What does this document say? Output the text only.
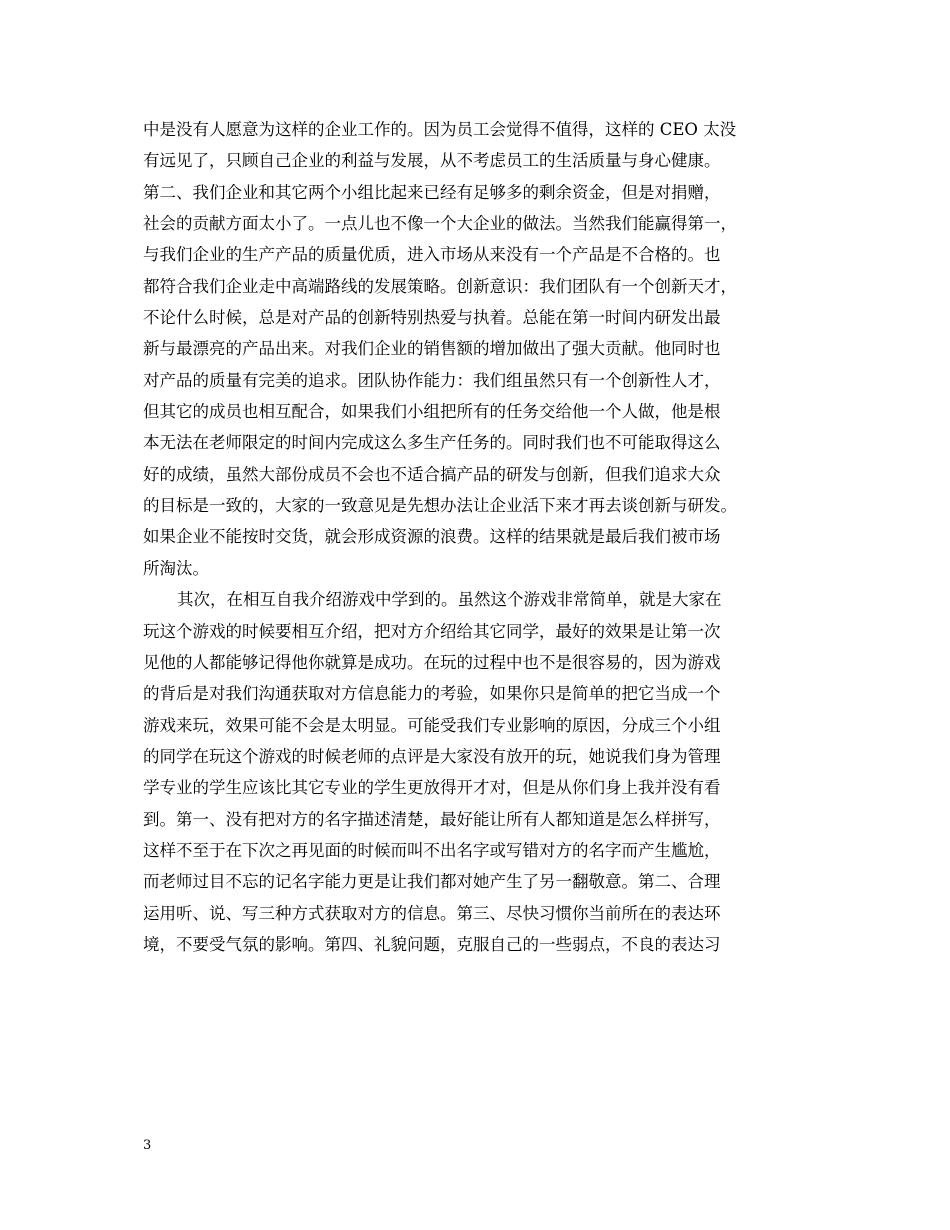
中是没有人愿意为这样的企业工作的。因为员工会觉得不值得，这样的 CEO 太没
有远见了，只顾自己企业的利益与发展，从不考虑员工的生活质量与身心健康。
第二、我们企业和其它两个小组比起来已经有足够多的剩余资金，但是对捐赠，
社会的贡献方面太小了。一点儿也不像一个大企业的做法。当然我们能赢得第一，
与我们企业的生产产品的质量优质，进入市场从来没有一个产品是不合格的。也
都符合我们企业走中高端路线的发展策略。创新意识：我们团队有一个创新天才，
不论什么时候，总是对产品的创新特别热爱与执着。总能在第一时间内研发出最
新与最漂亮的产品出来。对我们企业的销售额的增加做出了强大贡献。他同时也
对产品的质量有完美的追求。团队协作能力：我们组虽然只有一个创新性人才，
但其它的成员也相互配合，如果我们小组把所有的任务交给他一个人做，他是根
本无法在老师限定的时间内完成这么多生产任务的。同时我们也不可能取得这么
好的成绩，虽然大部份成员不会也不适合搞产品的研发与创新，但我们追求大众
的目标是一致的，大家的一致意见是先想办法让企业活下来才再去谈创新与研发。
如果企业不能按时交货，就会形成资源的浪费。这样的结果就是最后我们被市场
所淘汰。
其次，在相互自我介绍游戏中学到的。虽然这个游戏非常简单，就是大家在
玩这个游戏的时候要相互介绍，把对方介绍给其它同学，最好的效果是让第一次
见他的人都能够记得他你就算是成功。在玩的过程中也不是很容易的，因为游戏
的背后是对我们沟通获取对方信息能力的考验，如果你只是简单的把它当成一个
游戏来玩，效果可能不会是太明显。可能受我们专业影响的原因，分成三个小组
的同学在玩这个游戏的时候老师的点评是大家没有放开的玩，她说我们身为管理
学专业的学生应该比其它专业的学生更放得开才对，但是从你们身上我并没有看
到。第一、没有把对方的名字描述清楚，最好能让所有人都知道是怎么样拼写，
这样不至于在下次之再见面的时候而叫不出名字或写错对方的名字而产生尴尬，
而老师过目不忘的记名字能力更是让我们都对她产生了另一翻敬意。第二、合理
运用听、说、写三种方式获取对方的信息。第三、尽快习惯你当前所在的表达环
境，不要受气氛的影响。第四、礼貌问题，克服自己的一些弱点，不良的表达习
3
